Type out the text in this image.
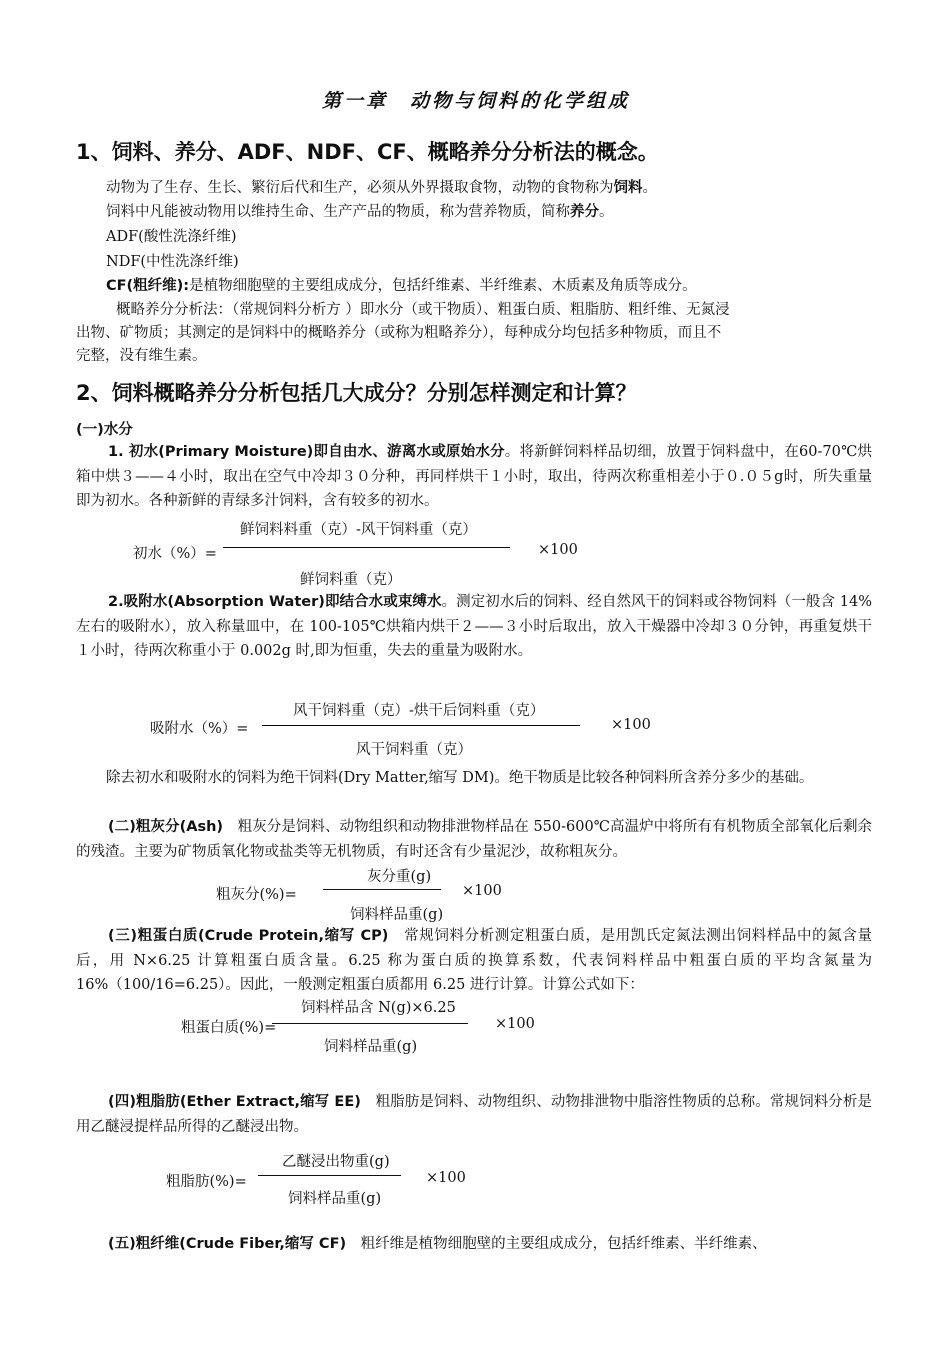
第一章　动物与饲料的化学组成
1、饲料、养分、ADF、NDF、CF、概略养分分析法的概念。
动物为了生存、生长、繁衍后代和生产，必须从外界摄取食物，动物的食物称为饲料。
饲料中凡能被动物用以维持生命、生产产品的物质，称为营养物质，简称养分。
ADF(酸性洗涤纤维)
NDF(中性洗涤纤维)
CF(粗纤维):是植物细胞壁的主要组成成分，包括纤维素、半纤维素、木质素及角质等成分。
概略养分分析法：（常规饲料分析方 ）即水分（或干物质）、粗蛋白质、粗脂肪、粗纤维、无氮浸
出物、矿物质；其测定的是饲料中的概略养分（或称为粗略养分），每种成分均包括多种物质，而且不
完整，没有维生素。
2、饲料概略养分分析包括几大成分？分别怎样测定和计算？
(一)水分
1. 初水(Primary Moisture)即自由水、游离水或原始水分。将新鲜饲料样品切细，放置于饲料盘中，在60-70℃烘箱中烘３——４小时，取出在空气中冷却３０分种，再同样烘干１小时，取出，待两次称重相差小于０.０５g时，所失重量即为初水。各种新鲜的青绿多汁饲料，含有较多的初水。
初水（%）=
鲜饲料料重（克）-风干饲料重（克）
鲜饲料重（克）
×100
2.吸附水(Absorption Water)即结合水或束缚水。测定初水后的饲料、经自然风干的饲料或谷物饲料（一般含 14%左右的吸附水），放入称量皿中，在 100-105℃烘箱内烘干２——３小时后取出，放入干燥器中冷却３０分钟，再重复烘干１小时，待两次称重小于 0.002g 时,即为恒重，失去的重量为吸附水。
吸附水（%）=
风干饲料重（克）-烘干后饲料重（克）
风干饲料重（克）
×100
除去初水和吸附水的饲料为绝干饲料(Dry Matter,缩写 DM)。绝干物质是比较各种饲料所含养分多少的基础。
(二)粗灰分(Ash)　粗灰分是饲料、动物组织和动物排泄物样品在 550-600℃高温炉中将所有有机物质全部氧化后剩余的残渣。主要为矿物质氧化物或盐类等无机物质，有时还含有少量泥沙，故称粗灰分。
粗灰分(%)=
灰分重(g)
饲料样品重(g)
×100
(三)粗蛋白质(Crude Protein,缩写 CP)　常规饲料分析测定粗蛋白质，是用凯氏定氮法测出饲料样品中的氮含量后，用 N×6.25 计算粗蛋白质含量。6.25 称为蛋白质的换算系数，代表饲料样品中粗蛋白质的平均含氮量为 16%（100/16=6.25）。因此，一般测定粗蛋白质都用 6.25 进行计算。计算公式如下：
粗蛋白质(%)=
饲料样品含 N(g)×6.25
饲料样品重(g)
×100
(四)粗脂肪(Ether Extract,缩写 EE)　粗脂肪是饲料、动物组织、动物排泄物中脂溶性物质的总称。常规饲料分析是用乙醚浸提样品所得的乙醚浸出物。
粗脂肪(%)=
乙醚浸出物重(g)
饲料样品重(g)
×100
(五)粗纤维(Crude Fiber,缩写 CF)　粗纤维是植物细胞壁的主要组成成分，包括纤维素、半纤维素、
